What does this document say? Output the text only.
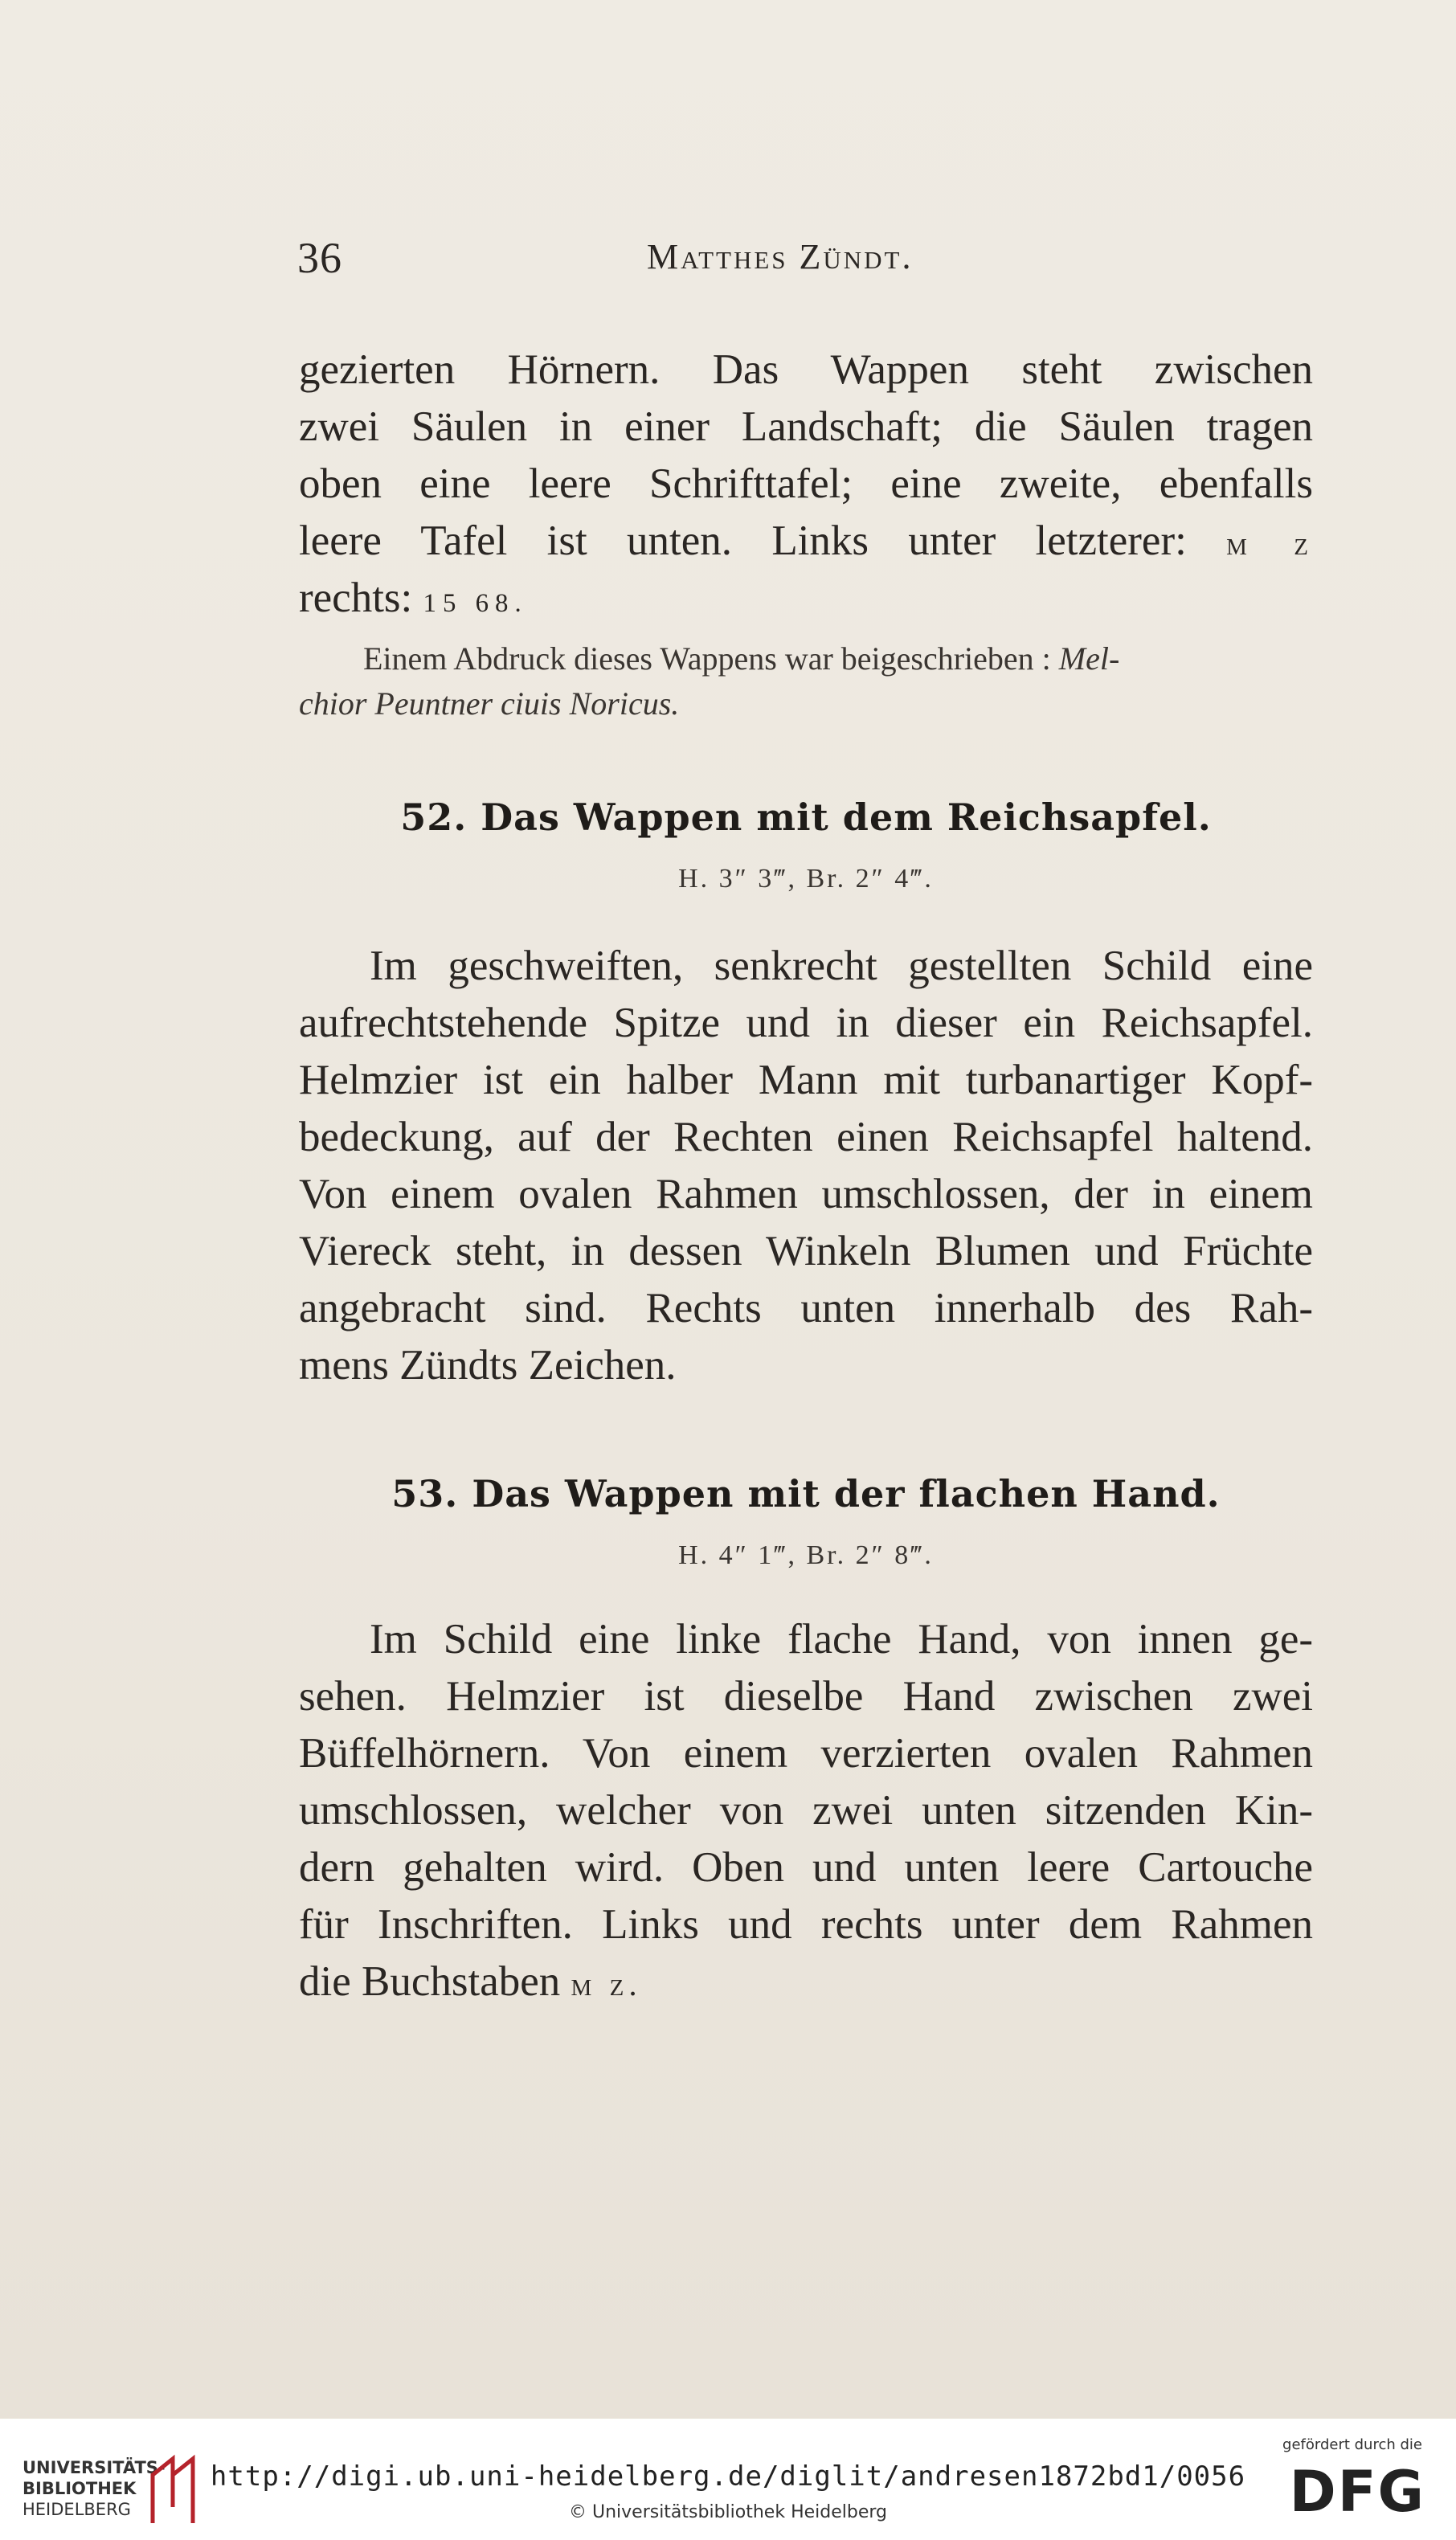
36	Matthes Zündt.
gezierten Hörnern. Das Wappen steht zwischen
zwei Säulen in einer Landschaft; die Säulen tragen
oben eine leere Schrifttafel; eine zweite, ebenfalls
leere Tafel ist unten. Links unter letzterer: m z
rechts: 15 68.
Einem Abdruck dieses Wappens war beigeschrieben : Mel-
chior Peuntner ciuis Noricus.
52. Das Wappen mit dem Reichsapfel.
H. 3″ 3‴, Br. 2″ 4‴.
Im geschweiften, senkrecht gestellten Schild eine
aufrechtstehende Spitze und in dieser ein Reichsapfel.
Helmzier ist ein halber Mann mit turbanartiger Kopf-
bedeckung, auf der Rechten einen Reichsapfel haltend.
Von einem ovalen Rahmen umschlossen, der in einem
Viereck steht, in dessen Winkeln Blumen und Früchte
angebracht sind. Rechts unten innerhalb des Rah-
mens Zündts Zeichen.
53. Das Wappen mit der flachen Hand.
H. 4″ 1‴, Br. 2″ 8‴.
Im Schild eine linke flache Hand, von innen ge-
sehen. Helmzier ist dieselbe Hand zwischen zwei
Büffelhörnern. Von einem verzierten ovalen Rahmen
umschlossen, welcher von zwei unten sitzenden Kin-
dern gehalten wird. Oben und unten leere Cartouche
für Inschriften. Links und rechts unter dem Rahmen
die Buchstaben m z.
UNIVERSITÄTS-
BIBLIOTHEK
HEIDELBERG
http://digi.ub.uni-heidelberg.de/diglit/andresen1872bd1/0056
© Universitätsbibliothek Heidelberg
gefördert durch die
DFG
